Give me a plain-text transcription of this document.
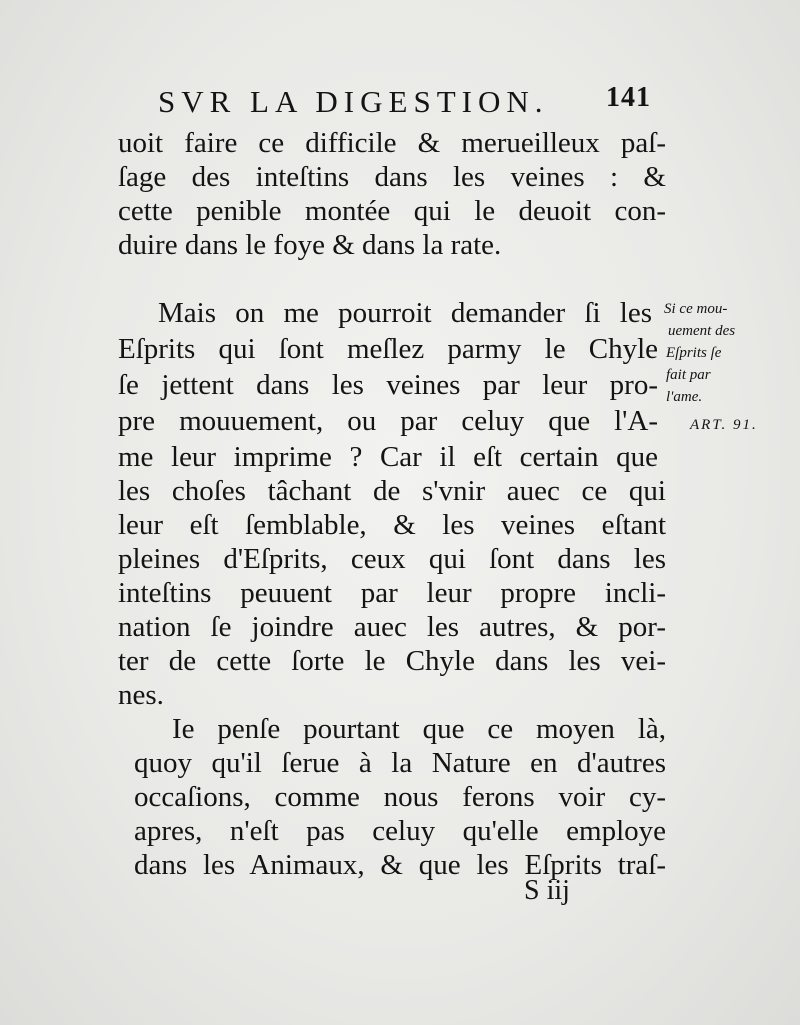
SVR LA DIGESTION. 141
uoit faire ce difficile & merueilleux paſ-
ſage des inteſtins dans les veines : &
cette penible montée qui le deuoit con-
duire dans le foye & dans la rate.
Mais on me pourroit demander ſi les
Eſprits qui ſont meſlez parmy le Chyle
ſe jettent dans les veines par leur pro-
pre mouuement, ou par celuy que l'A-
me leur imprime ? Car il eſt certain que
les choſes tâchant de s'vnir auec ce qui
leur eſt ſemblable, & les veines eſtant
pleines d'Eſprits, ceux qui ſont dans les
inteſtins peuuent par leur propre incli-
nation ſe joindre auec les autres, & por-
ter de cette ſorte le Chyle dans les vei-
nes.
Ie penſe pourtant que ce moyen là,
quoy qu'il ſerue à la Nature en d'autres
occaſions, comme nous ferons voir cy-
apres, n'eſt pas celuy qu'elle employe
dans les Animaux, & que les Eſprits traſ-
Si ce mou-
uement des
Eſprits ſe
fait par
l'ame.
ART. 91.
S iij
